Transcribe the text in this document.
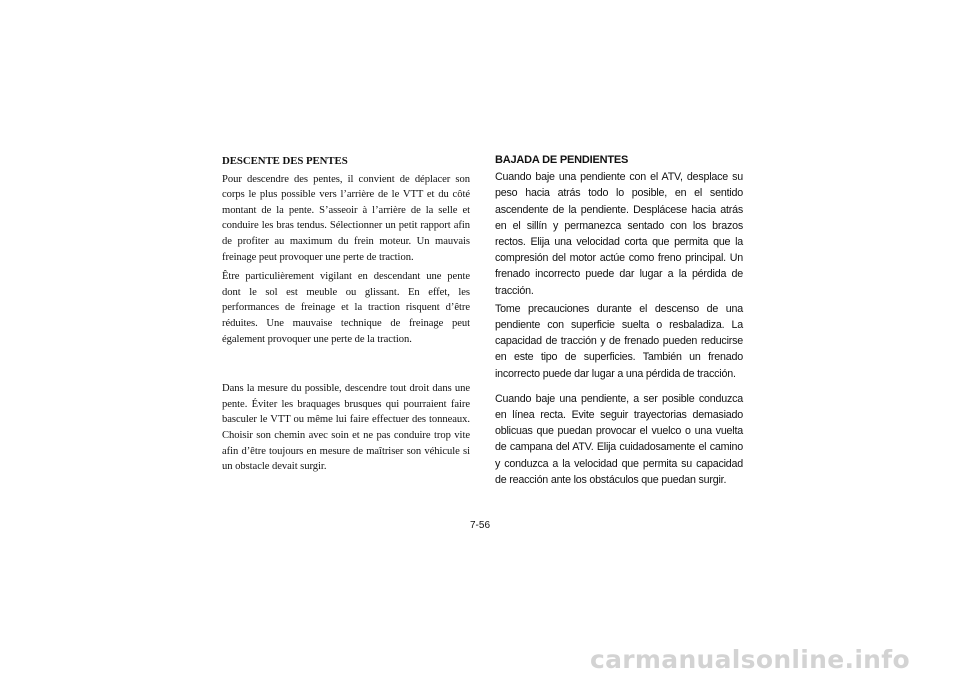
DESCENTE DES PENTES

Pour descendre des pentes, il convient de déplacer son corps le plus possible vers l’arrière de le VTT et du côté montant de la pente. S’asseoir à l’arrière de la selle et conduire les bras tendus. Sélectionner un petit rapport afin de profiter au maximum du frein moteur. Un mauvais freinage peut provoquer une perte de traction.

Être particulièrement vigilant en descendant une pente dont le sol est meuble ou glissant. En effet, les performances de freinage et la traction risquent d’être réduites. Une mauvaise technique de freinage peut également provoquer une perte de la traction.

Dans la mesure du possible, descendre tout droit dans une pente. Éviter les braquages brusques qui pourraient faire basculer le VTT ou même lui faire effectuer des tonneaux. Choisir son chemin avec soin et ne pas conduire trop vite afin d’être toujours en mesure de maîtriser son véhicule si un obstacle devait surgir.

BAJADA DE PENDIENTES

Cuando baje una pendiente con el ATV, desplace su peso hacia atrás todo lo posible, en el sentido ascendente de la pendiente. Desplácese hacia atrás en el sillín y permanezca sentado con los brazos rectos. Elija una velocidad corta que permita que la compresión del motor actúe como freno principal. Un frenado incorrecto puede dar lugar a la pérdida de tracción.

Tome precauciones durante el descenso de una pendiente con superficie suelta o resbaladiza. La capacidad de tracción y de frenado pueden reducirse en este tipo de superficies. También un frenado incorrecto puede dar lugar a una pérdida de tracción.

Cuando baje una pendiente, a ser posible conduzca en línea recta. Evite seguir trayectorias demasiado oblicuas que puedan provocar el vuelco o una vuelta de campana del ATV. Elija cuidadosamente el camino y conduzca a la velocidad que permita su capacidad de reacción ante los obstáculos que puedan surgir.

7-56
carmanualsonline.info
